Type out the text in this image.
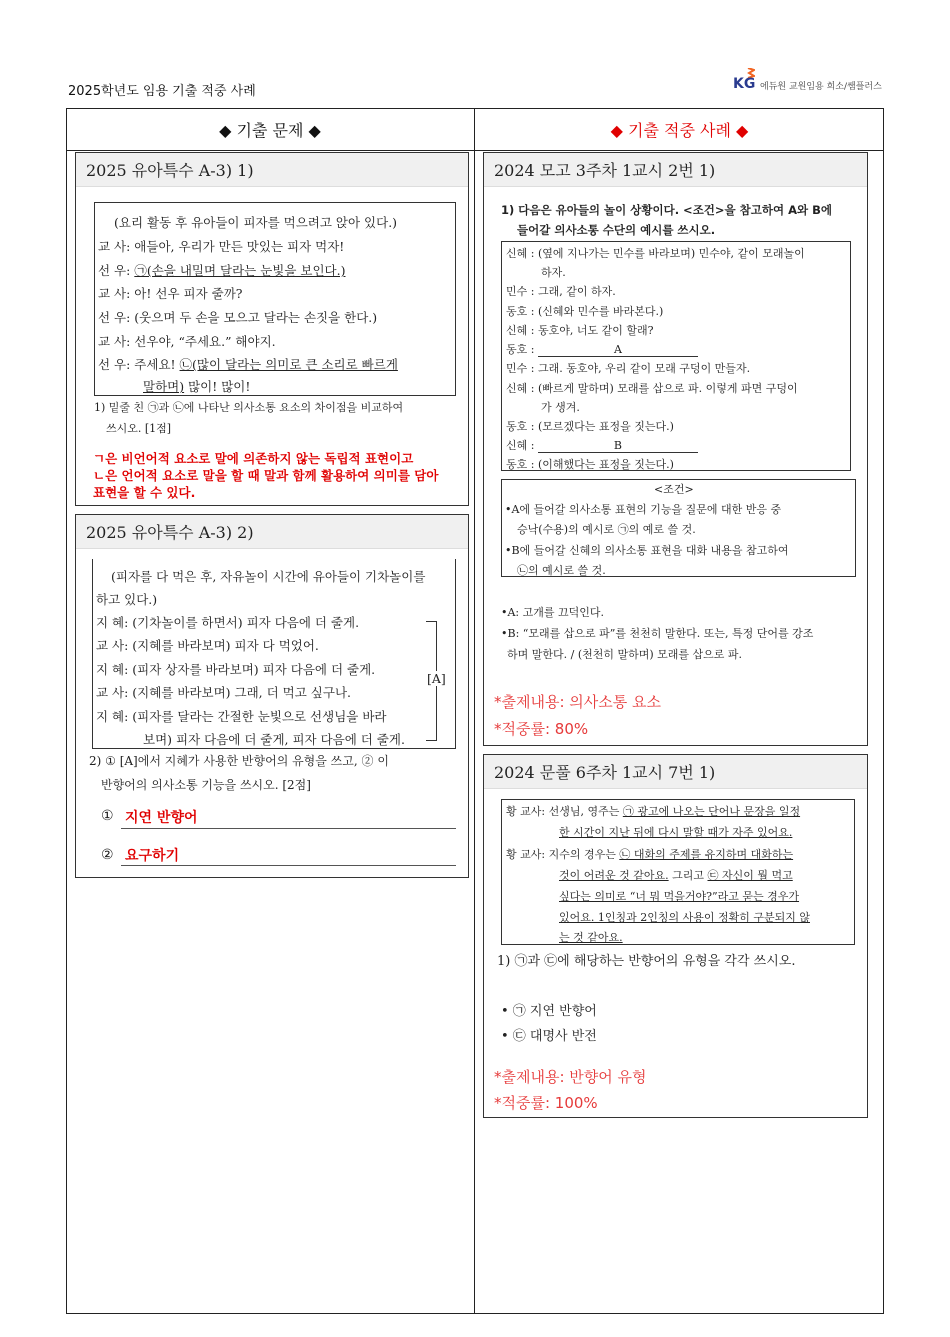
2025학년도 임용 기출 적중 사례	KG 에듀원 교원임용 희소/쌤플러스
◆ 기출 문제 ◆	◆ 기출 적중 사례 ◆
2025 유아특수 A-3) 1)
(요리 활동 후 유아들이 피자를 먹으려고 앉아 있다.)
교 사: 애들아, 우리가 만든 맛있는 피자 먹자!
선 우: ㉠(손을 내밀며 달라는 눈빛을 보인다.)
교 사: 아! 선우 피자 줄까?
선 우: (웃으며 두 손을 모으고 달라는 손짓을 한다.)
교 사: 선우야, “주세요.” 해야지.
선 우: 주세요! ㉡(많이 달라는 의미로 큰 소리로 빠르게
말하며) 많이! 많이!
1) 밑줄 친 ㉠과 ㉡에 나타난 의사소통 요소의 차이점을 비교하여
쓰시오. [1점]
ㄱ은 비언어적 요소로 말에 의존하지 않는 독립적 표현이고
ㄴ은 언어적 요소로 말을 할 때 말과 함께 활용하여 의미를 담아
표현을 할 수 있다.
2025 유아특수 A-3) 2)
(피자를 다 먹은 후, 자유놀이 시간에 유아들이 기차놀이를
하고 있다.)
지 혜: (기차놀이를 하면서) 피자 다음에 더 줄게.
교 사: (지혜를 바라보며) 피자 다 먹었어.
지 혜: (피자 상자를 바라보며) 피자 다음에 더 줄게.
교 사: (지혜를 바라보며) 그래, 더 먹고 싶구나.
지 혜: (피자를 달라는 간절한 눈빛으로 선생님을 바라
보며) 피자 다음에 더 줄게, 피자 다음에 더 줄게.
[A]
2) ① [A]에서 지혜가 사용한 반향어의 유형을 쓰고, ② 이
반향어의 의사소통 기능을 쓰시오. [2점]
① 지연 반향어
② 요구하기
2024 모고 3주차 1교시 2번 1)
1) 다음은 유아들의 놀이 상황이다. <조건>을 참고하여 A와 B에
들어갈 의사소통 수단의 예시를 쓰시오.
신혜 : (옆에 지나가는 민수를 바라보며) 민수야, 같이 모래놀이
하자.
민수 : 그래, 같이 하자.
동호 : (신혜와 민수를 바라본다.)
신혜 : 동호야, 너도 같이 할래?
동호 :	A
민수 : 그래. 동호야, 우리 같이 모래 구덩이 만들자.
신혜 : (빠르게 말하며) 모래를 삽으로 파. 이렇게 파면 구덩이
가 생겨.
동호 : (모르겠다는 표정을 짓는다.)
신혜 :	B
동호 : (이해했다는 표정을 짓는다.)
<조건>
•A에 들어갈 의사소통 표현의 기능을 질문에 대한 반응 중
승낙(수용)의 예시로 ㉠의 예로 쓸 것.
•B에 들어갈 신혜의 의사소통 표현을 대화 내용을 참고하여
㉡의 예시로 쓸 것.
•A: 고개를 끄덕인다.
•B: “모래를 삽으로 파”를 천천히 말한다. 또는, 특정 단어를 강조
하며 말한다. / (천천히 말하며) 모래를 삽으로 파.
*출제내용: 의사소통 요소
*적중률: 80%
2024 문풀 6주차 1교시 7번 1)
황 교사: 선생님, 영주는 ㉠ 광고에 나오는 단어나 문장을 일정
한 시간이 지난 뒤에 다시 말할 때가 자주 있어요.
황 교사: 지수의 경우는 ㉡ 대화의 주제를 유지하며 대화하는
것이 어려운 것 같아요. 그리고 ㉢ 자신이 뭘 먹고
싶다는 의미로 “너 뭐 먹을거야?”라고 묻는 경우가
있어요. 1인칭과 2인칭의 사용이 정확히 구분되지 않
는 것 같아요.
1) ㉠과 ㉢에 해당하는 반향어의 유형을 각각 쓰시오.
• ㉠ 지연 반향어
• ㉢ 대명사 반전
*출제내용: 반향어 유형
*적중률: 100%
